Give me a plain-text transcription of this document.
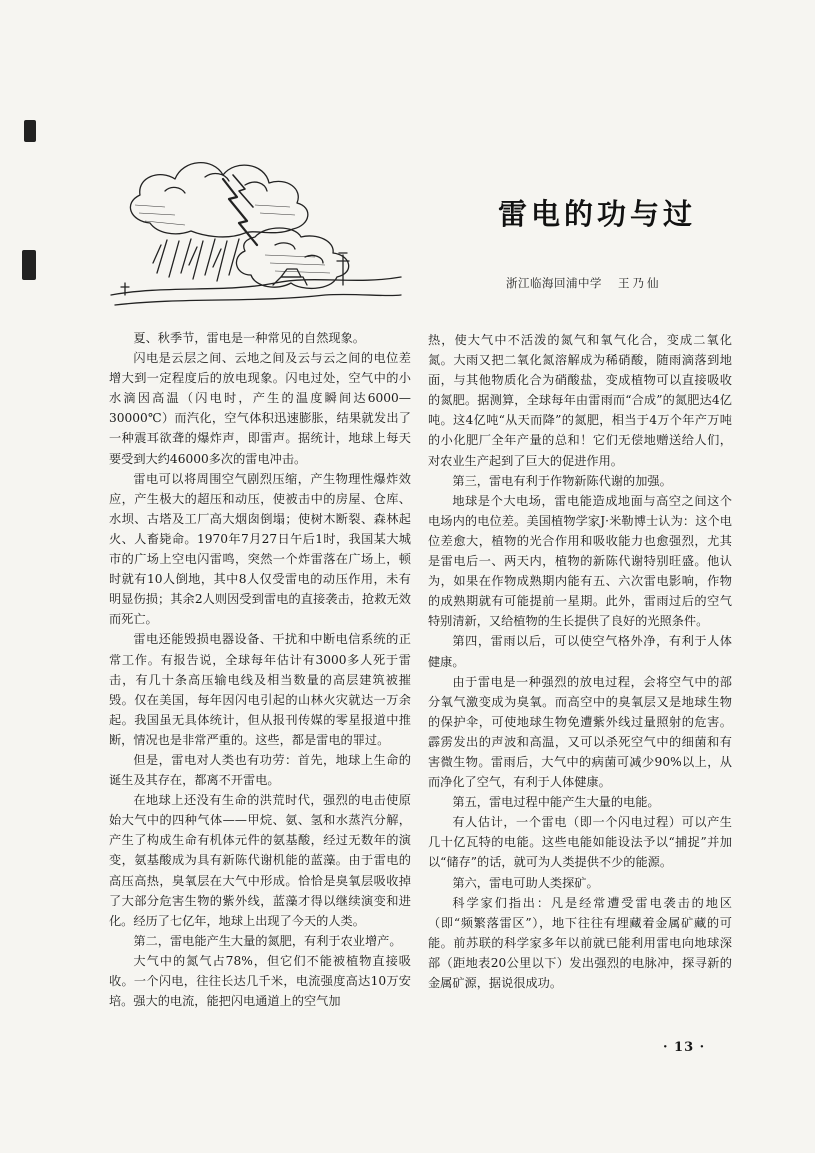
雷电的功与过
浙江临海回浦中学 王乃仙

夏、秋季节，雷电是一种常见的自然现象。

闪电是云层之间、云地之间及云与云之间的电位差增大到一定程度后的放电现象。闪电过处，空气中的小水滴因高温（闪电时，产生的温度瞬间达6000—30000℃）而汽化，空气体积迅速膨胀，结果就发出了一种震耳欲聋的爆炸声，即雷声。据统计，地球上每天要受到大约46000多次的雷电冲击。

雷电可以将周围空气剧烈压缩，产生物理性爆炸效应，产生极大的超压和动压，使被击中的房屋、仓库、水坝、古塔及工厂高大烟囱倒塌；使树木断裂、森林起火、人畜毙命。1970年7月27日午后1时，我国某大城市的广场上空电闪雷鸣，突然一个炸雷落在广场上，顿时就有10人倒地，其中8人仅受雷电的动压作用，未有明显伤损；其余2人则因受到雷电的直接袭击，抢救无效而死亡。

雷电还能毁损电器设备、干扰和中断电信系统的正常工作。有报告说，全球每年估计有3000多人死于雷击，有几十条高压输电线及相当数量的高层建筑被摧毁。仅在美国，每年因闪电引起的山林火灾就达一万余起。我国虽无具体统计，但从报刊传媒的零星报道中推断，情况也是非常严重的。这些，都是雷电的罪过。

但是，雷电对人类也有功劳：首先，地球上生命的诞生及其存在，都离不开雷电。

在地球上还没有生命的洪荒时代，强烈的电击使原始大气中的四种气体——甲烷、氨、氢和水蒸汽分解，产生了构成生命有机体元件的氨基酸，经过无数年的演变，氨基酸成为具有新陈代谢机能的蓝藻。由于雷电的高压高热，臭氧层在大气中形成。恰恰是臭氧层吸收掉了大部分危害生物的紫外线，蓝藻才得以继续演变和进化。经历了七亿年，地球上出现了今天的人类。

第二，雷电能产生大量的氮肥，有利于农业增产。

大气中的氮气占78%，但它们不能被植物直接吸收。一个闪电，往往长达几千米，电流强度高达10万安培。强大的电流，能把闪电通道上的空气加

热，使大气中不活泼的氮气和氧气化合，变成二氧化氮。大雨又把二氧化氮溶解成为稀硝酸，随雨滴落到地面，与其他物质化合为硝酸盐，变成植物可以直接吸收的氮肥。据测算，全球每年由雷雨而“合成”的氮肥达4亿吨。这4亿吨“从天而降”的氮肥，相当于4万个年产万吨的小化肥厂全年产量的总和！它们无偿地赠送给人们，对农业生产起到了巨大的促进作用。

第三，雷电有利于作物新陈代谢的加强。

地球是个大电场，雷电能造成地面与高空之间这个电场内的电位差。美国植物学家J·米勒博士认为：这个电位差愈大，植物的光合作用和吸收能力也愈强烈，尤其是雷电后一、两天内，植物的新陈代谢特别旺盛。他认为，如果在作物成熟期内能有五、六次雷电影响，作物的成熟期就有可能提前一星期。此外，雷雨过后的空气特别清新，又给植物的生长提供了良好的光照条件。

第四，雷雨以后，可以使空气格外净，有利于人体健康。

由于雷电是一种强烈的放电过程，会将空气中的部分氧气激变成为臭氧。而高空中的臭氧层又是地球生物的保护伞，可使地球生物免遭紫外线过量照射的危害。霹雳发出的声波和高温，又可以杀死空气中的细菌和有害微生物。雷雨后，大气中的病菌可减少90%以上，从而净化了空气，有利于人体健康。

第五，雷电过程中能产生大量的电能。

有人估计，一个雷电（即一个闪电过程）可以产生几十亿瓦特的电能。这些电能如能设法予以“捕捉”并加以“储存”的话，就可为人类提供不少的能源。

第六，雷电可助人类探矿。

科学家们指出：凡是经常遭受雷电袭击的地区（即“频繁落雷区”），地下往往有埋藏着金属矿藏的可能。前苏联的科学家多年以前就已能利用雷电向地球深部（距地表20公里以下）发出强烈的电脉冲，探寻新的金属矿源，据说很成功。

· 13 ·
